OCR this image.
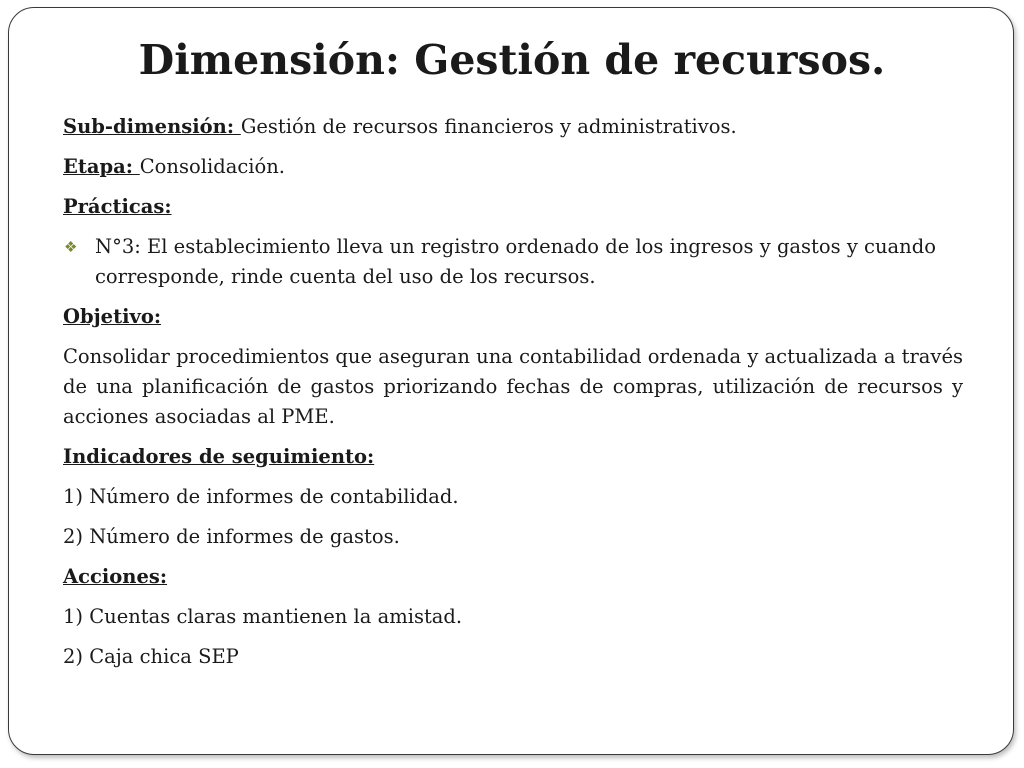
Dimensión: Gestión de recursos.

Sub-dimensión: Gestión de recursos financieros y administrativos.

Etapa: Consolidación.

Prácticas:

❖ N°3: El establecimiento lleva un registro ordenado de los ingresos y gastos y cuando corresponde, rinde cuenta del uso de los recursos.

Objetivo:

Consolidar procedimientos que aseguran una contabilidad ordenada y actualizada a través de una planificación de gastos priorizando fechas de compras, utilización de recursos y acciones asociadas al PME.

Indicadores de seguimiento:

1) Número de informes de contabilidad.

2) Número de informes de gastos.

Acciones:

1) Cuentas claras mantienen la amistad.

2) Caja chica SEP
